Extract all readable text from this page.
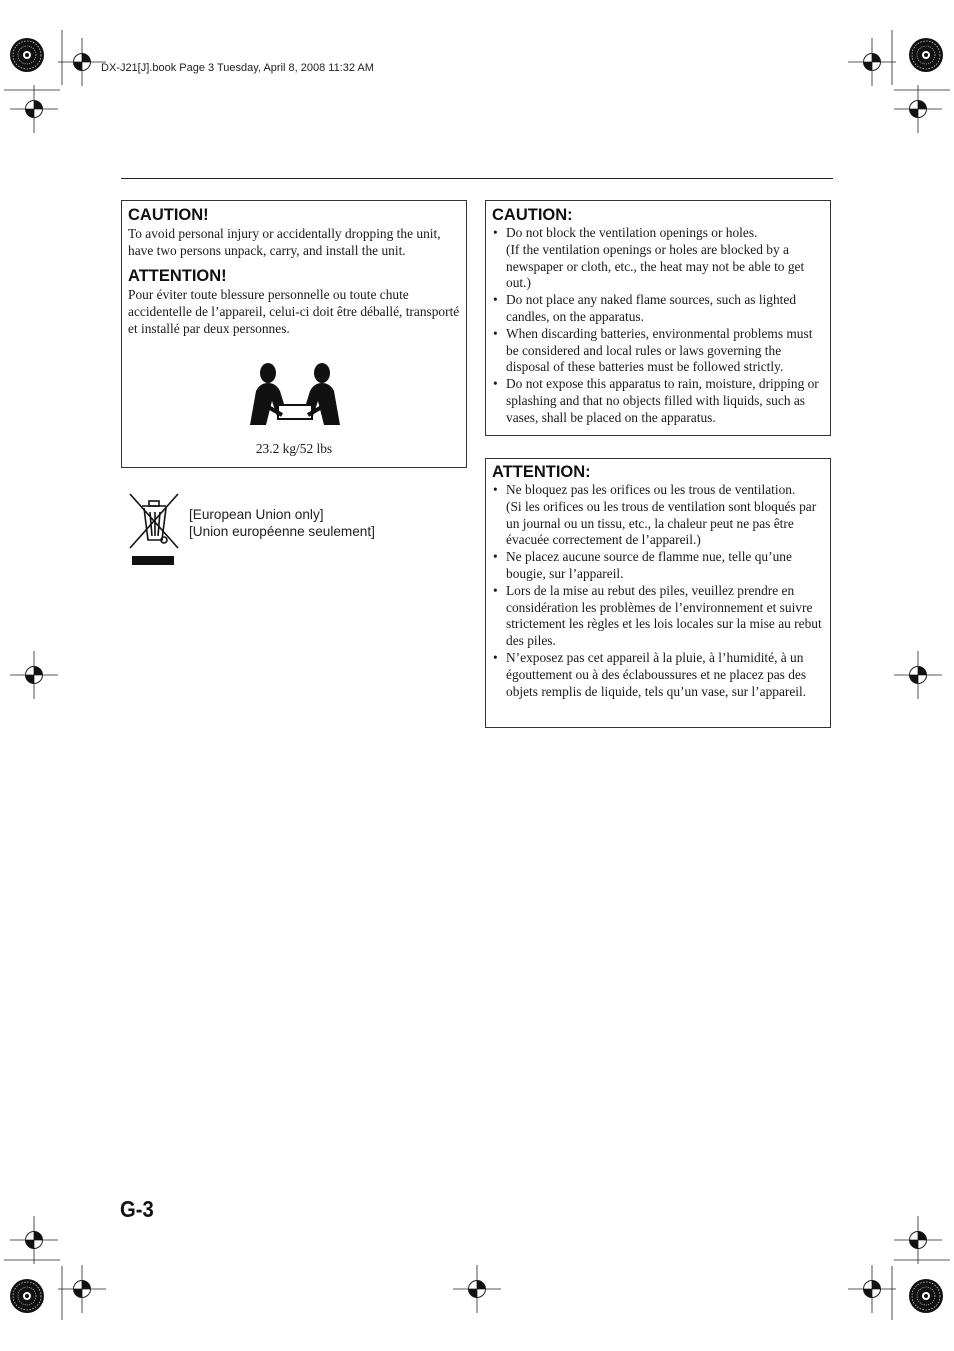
DX-J21[J].book Page 3 Tuesday, April 8, 2008 11:32 AM
CAUTION!

To avoid personal injury or accidentally dropping the unit, have two persons unpack, carry, and install the unit.

ATTENTION!

Pour éviter toute blessure personnelle ou toute chute accidentelle de l’appareil, celui-ci doit être déballé, transporté et installé par deux personnes.

23.2 kg/52 lbs
[European Union only]
[Union européenne seulement]
CAUTION:
• Do not block the ventilation openings or holes.
(If the ventilation openings or holes are blocked by a newspaper or cloth, etc., the heat may not be able to get out.)
• Do not place any naked flame sources, such as lighted candles, on the apparatus.
• When discarding batteries, environmental problems must be considered and local rules or laws governing the disposal of these batteries must be followed strictly.
• Do not expose this apparatus to rain, moisture, dripping or splashing and that no objects filled with liquids, such as vases, shall be placed on the apparatus.
ATTENTION:
• Ne bloquez pas les orifices ou les trous de ventilation.
(Si les orifices ou les trous de ventilation sont bloqués par un journal ou un tissu, etc., la chaleur peut ne pas être évacuée correctement de l’appareil.)
• Ne placez aucune source de flamme nue, telle qu’une bougie, sur l’appareil.
• Lors de la mise au rebut des piles, veuillez prendre en considération les problèmes de l’environnement et suivre strictement les règles et les lois locales sur la mise au rebut des piles.
• N’exposez pas cet appareil à la pluie, à l’humidité, à un égouttement ou à des éclaboussures et ne placez pas des objets remplis de liquide, tels qu’un vase, sur l’appareil.
G-3
